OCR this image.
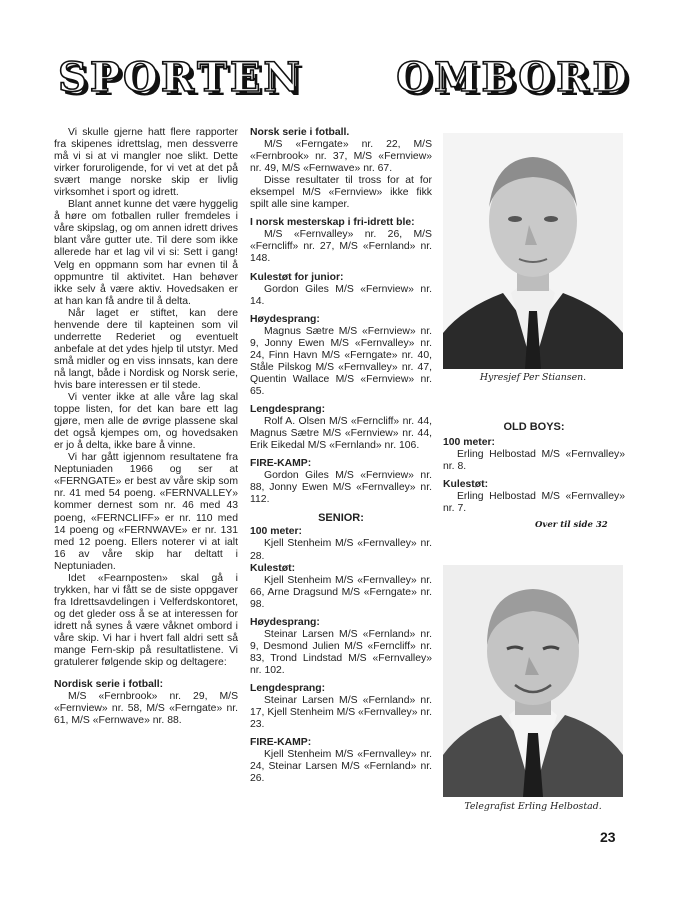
S P O R T E N O M B O R D

Vi skulle gjerne hatt flere rapporter fra skipenes idrettslag, men dessverre må vi si at vi mangler noe slikt. Dette virker foruroligende, for vi vet at det på svært mange norske skip er livlig virksomhet i sport og idrett.

Blant annet kunne det være hyggelig å høre om fotballen ruller fremdeles i våre skipslag, og om annen idrett drives blant våre gutter ute. Til dere som ikke allerede har et lag vil vi si: Sett i gang! Velg en oppmann som har evnen til å oppmuntre til aktivitet. Han behøver ikke selv å være aktiv. Hovedsaken er at han kan få andre til å delta.

Når laget er stiftet, kan dere henvende dere til kapteinen som vil underrette Rederiet og eventuelt anbefale at det ydes hjelp til utstyr. Med små midler og en viss innsats, kan dere nå langt, både i Nordisk og Norsk serie, hvis bare interessen er til stede.

Vi venter ikke at alle våre lag skal toppe listen, for det kan bare ett lag gjøre, men alle de øvrige plassene skal det også kjempes om, og hovedsaken er jo å delta, ikke bare å vinne.

Vi har gått igjennom resultatene fra Neptuniaden 1966 og ser at «FERNGATE» er best av våre skip som nr. 41 med 54 poeng. «FERNVALLEY» kommer dernest som nr. 46 med 43 poeng, «FERNCLIFF» er nr. 110 med 14 poeng og «FERNWAVE» er nr. 131 med 12 poeng. Ellers noterer vi at ialt 16 av våre skip har deltatt i Neptuniaden.

Idet «Fearnposten» skal gå i trykken, har vi fått se de siste oppgaver fra Idrettsavdelingen i Velferdskontoret, og det gleder oss å se at interessen for idrett nå synes å være våknet ombord i våre skip. Vi har i hvert fall aldri sett så mange Fern-skip på resultatlistene. Vi gratulerer følgende skip og deltagere:

Nordisk serie i fotball:

M/S «Fernbrook» nr. 29, M/S «Fernview» nr. 58, M/S «Ferngate» nr. 61, M/S «Fernwave» nr. 88.

Norsk serie i fotball.

M/S «Ferngate» nr. 22, M/S «Fernbrook» nr. 37, M/S «Fernview» nr. 49, M/S «Fernwave» nr. 67.

Disse resultater til tross for at for eksempel M/S «Fernview» ikke fikk spilt alle sine kamper.

I norsk mesterskap i fri-idrett ble:

M/S «Fernvalley» nr. 26, M/S «Ferncliff» nr. 27, M/S «Fernland» nr. 148.

Kulestøt for junior:

Gordon Giles M/S «Fernview» nr. 14.

Høydesprang:

Magnus Sætre M/S «Fernview» nr. 9, Jonny Ewen M/S «Fernvalley» nr. 24, Finn Havn M/S «Ferngate» nr. 40, Ståle Pilskog M/S «Fernvalley» nr. 47, Quentin Wallace M/S «Fernview» nr. 65.

Lengdesprang:

Rolf A. Olsen M/S «Ferncliff» nr. 44, Magnus Sætre M/S «Fernview» nr. 44, Erik Eikedal M/S «Fernland» nr. 106.

FIRE-KAMP:

Gordon Giles M/S «Fernview» nr. 88, Jonny Ewen M/S «Fernvalley» nr. 112.

SENIOR:
100 meter:

Kjell Stenheim M/S «Fernvalley» nr. 28.

Kulestøt:

Kjell Stenheim M/S «Fernvalley» nr. 66, Arne Dragsund M/S «Ferngate» nr. 98.

Høydesprang:

Steinar Larsen M/S «Fernland» nr. 9, Desmond Julien M/S «Ferncliff» nr. 83, Trond Lindstad M/S «Fernvalley» nr. 102.

Lengdesprang:

Steinar Larsen M/S «Fernland» nr. 17, Kjell Stenheim M/S «Fernvalley» nr. 23.

FIRE-KAMP:

Kjell Stenheim M/S «Fernvalley» nr. 24, Steinar Larsen M/S «Fernland» nr. 26.

Hyresjef Per Stiansen.
OLD BOYS:
100 meter:

Erling Helbostad M/S «Fernvalley» nr. 8.

Kulestøt:

Erling Helbostad M/S «Fernvalley» nr. 7.

Over til side 32
Telegrafist Erling Helbostad.
23
